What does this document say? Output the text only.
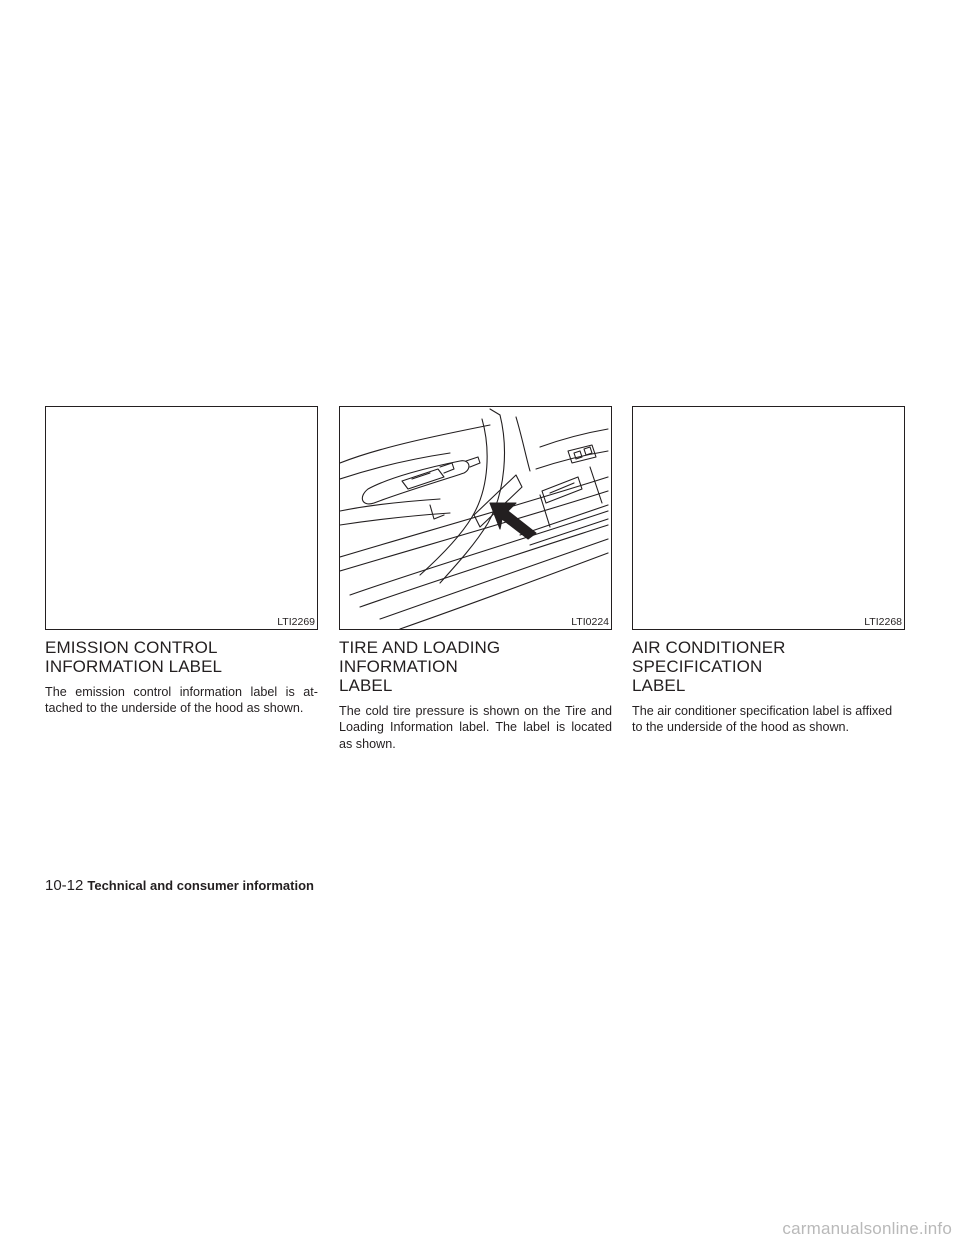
LTI2269
EMISSION CONTROL
INFORMATION LABEL

The emission control information label is at-tached to the underside of the hood as shown.

LTI0224
TIRE AND LOADING INFORMATION
LABEL

The cold tire pressure is shown on the Tire and Loading Information label. The label is located as shown.

LTI2268
AIR CONDITIONER SPECIFICATION
LABEL

The air conditioner specification label is affixed to the underside of the hood as shown.

10-12 Technical and consumer information
carmanualsonline.info
